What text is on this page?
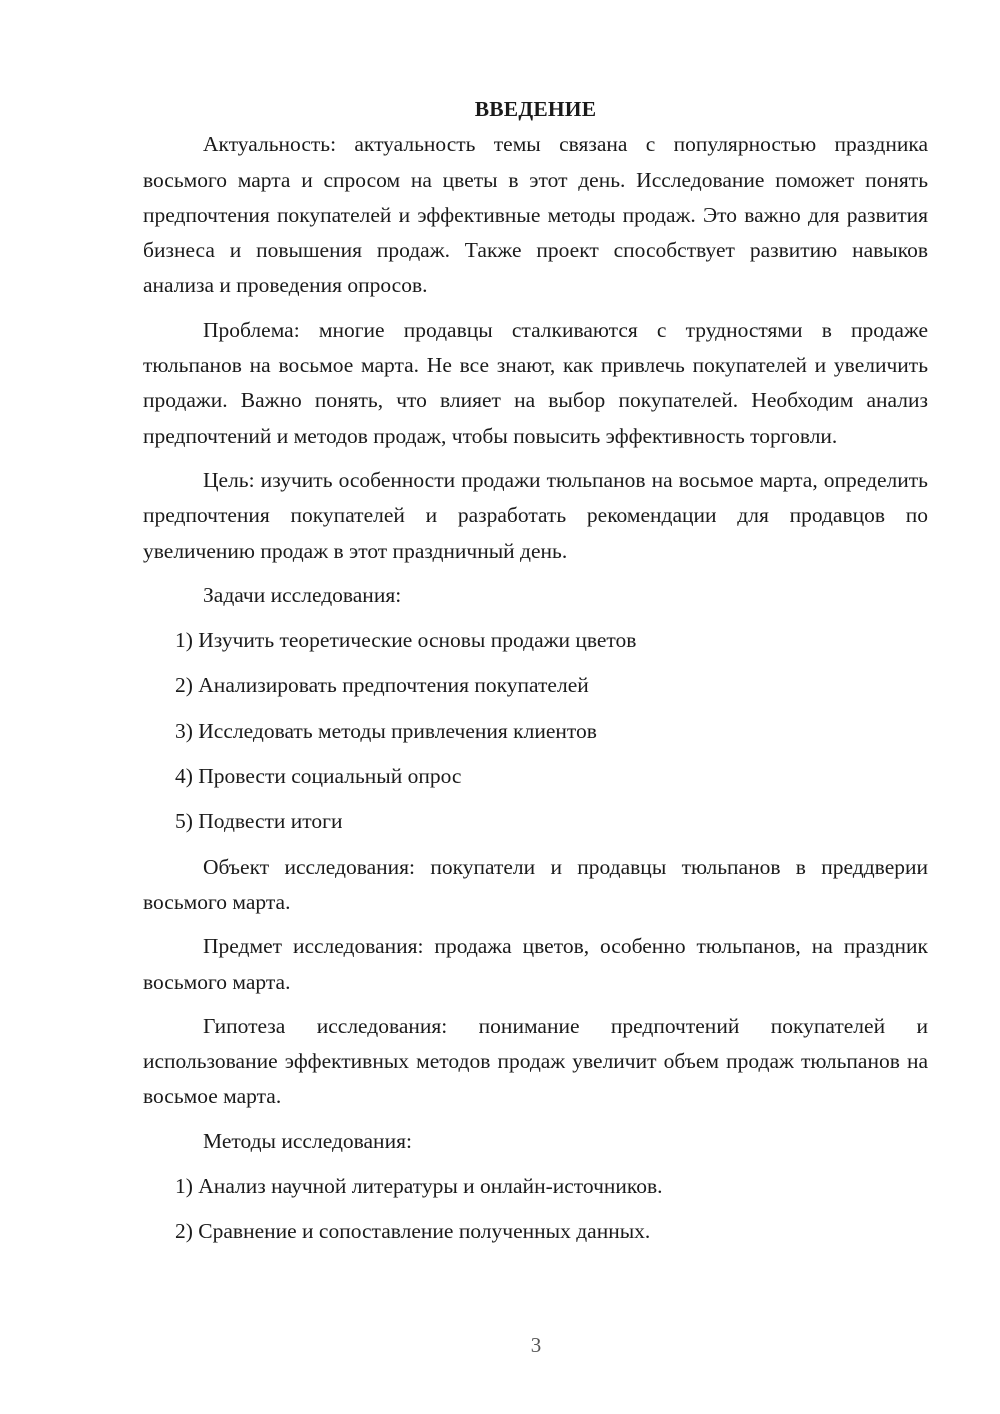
ВВЕДЕНИЕ

Актуальность: актуальность темы связана с популярностью праздника восьмого марта и спросом на цветы в этот день. Исследование поможет понять предпочтения покупателей и эффективные методы продаж. Это важно для развития бизнеса и повышения продаж. Также проект способствует развитию навыков анализа и проведения опросов.

Проблема: многие продавцы сталкиваются с трудностями в продаже тюльпанов на восьмое марта. Не все знают, как привлечь покупателей и увеличить продажи. Важно понять, что влияет на выбор покупателей. Необходим анализ предпочтений и методов продаж, чтобы повысить эффективность торговли.

Цель: изучить особенности продажи тюльпанов на восьмое марта, определить предпочтения покупателей и разработать рекомендации для продавцов по увеличению продаж в этот праздничный день.

Задачи исследования:

1) Изучить теоретические основы продажи цветов

2) Анализировать предпочтения покупателей

3) Исследовать методы привлечения клиентов

4) Провести социальный опрос

5) Подвести итоги

Объект исследования: покупатели и продавцы тюльпанов в преддверии восьмого марта.

Предмет исследования: продажа цветов, особенно тюльпанов, на праздник восьмого марта.

Гипотеза исследования: понимание предпочтений покупателей и использование эффективных методов продаж увеличит объем продаж тюльпанов на восьмое марта.

Методы исследования:

1) Анализ научной литературы и онлайн-источников.

2) Сравнение и сопоставление полученных данных.

3
